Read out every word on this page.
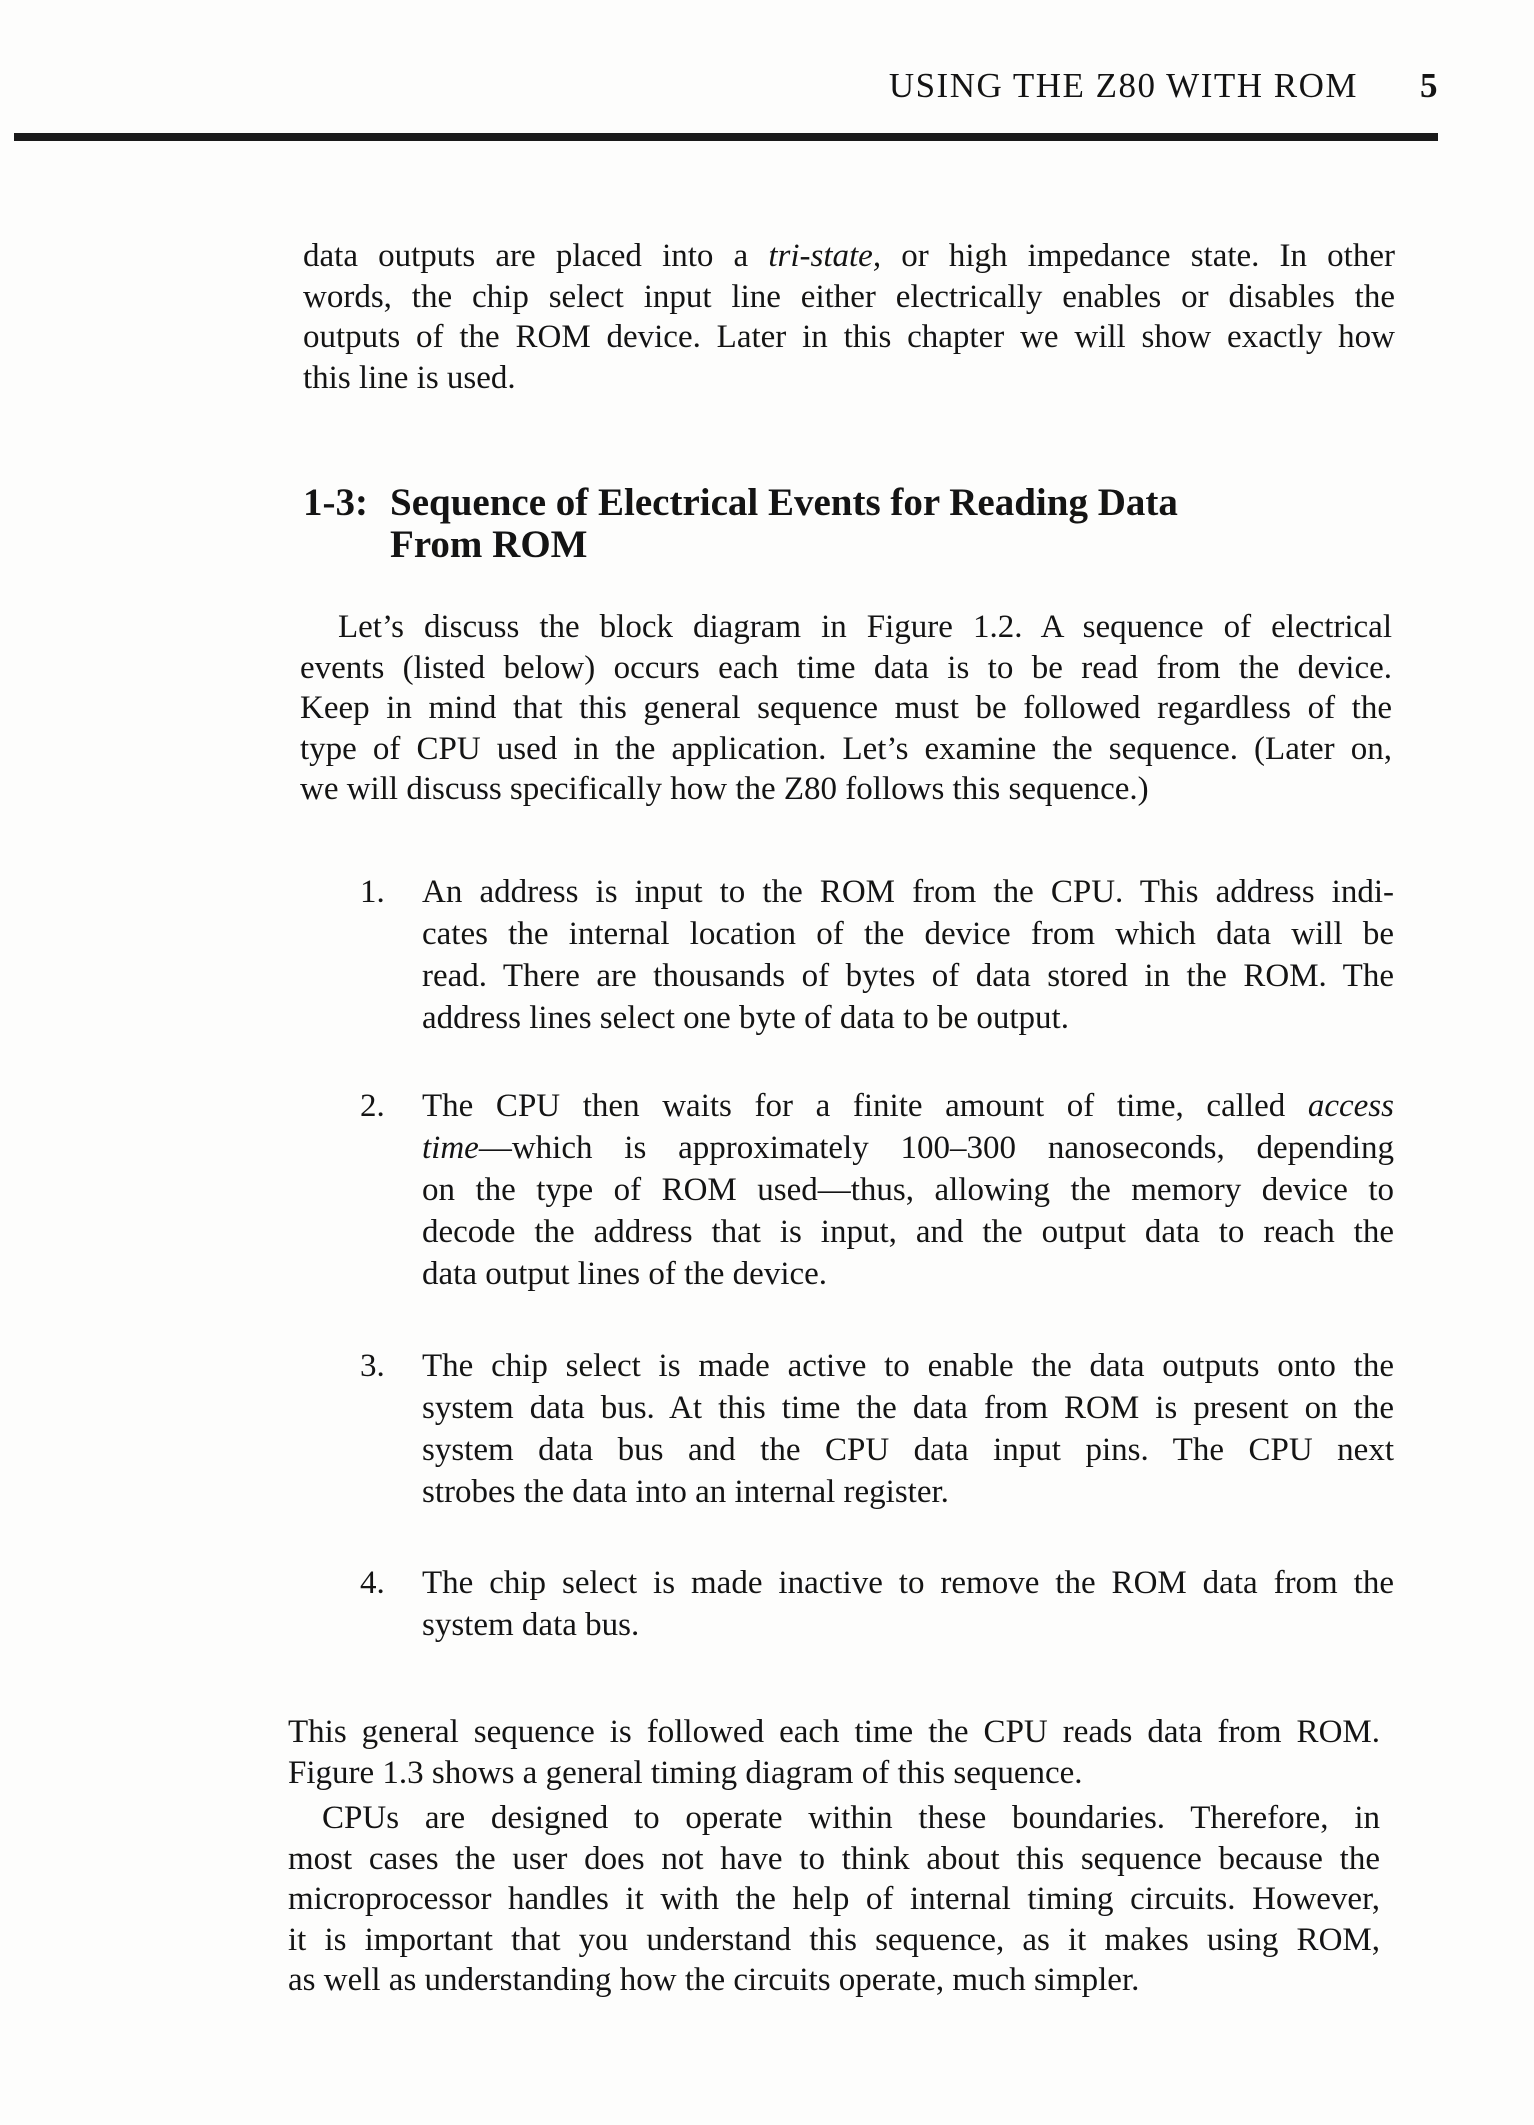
USING THE Z80 WITH ROM 5

data outputs are placed into a tri-state, or high impedance state. In other
words, the chip select input line either electrically enables or disables the
outputs of the ROM device. Later in this chapter we will show exactly how
this line is used.

1-3: Sequence of Electrical Events for Reading Data
From ROM

Let’s discuss the block diagram in Figure 1.2. A sequence of electrical
events (listed below) occurs each time data is to be read from the device.
Keep in mind that this general sequence must be followed regardless of the
type of CPU used in the application. Let’s examine the sequence. (Later on,
we will discuss specifically how the Z80 follows this sequence.)

1. An address is input to the ROM from the CPU. This address indi-
cates the internal location of the device from which data will be
read. There are thousands of bytes of data stored in the ROM. The
address lines select one byte of data to be output.
2. The CPU then waits for a finite amount of time, called access
time—which is approximately 100–300 nanoseconds, depending
on the type of ROM used—thus, allowing the memory device to
decode the address that is input, and the output data to reach the
data output lines of the device.
3. The chip select is made active to enable the data outputs onto the
system data bus. At this time the data from ROM is present on the
system data bus and the CPU data input pins. The CPU next
strobes the data into an internal register.
4. The chip select is made inactive to remove the ROM data from the
system data bus.

This general sequence is followed each time the CPU reads data from ROM.
Figure 1.3 shows a general timing diagram of this sequence.

CPUs are designed to operate within these boundaries. Therefore, in
most cases the user does not have to think about this sequence because the
microprocessor handles it with the help of internal timing circuits. However,
it is important that you understand this sequence, as it makes using ROM,
as well as understanding how the circuits operate, much simpler.
